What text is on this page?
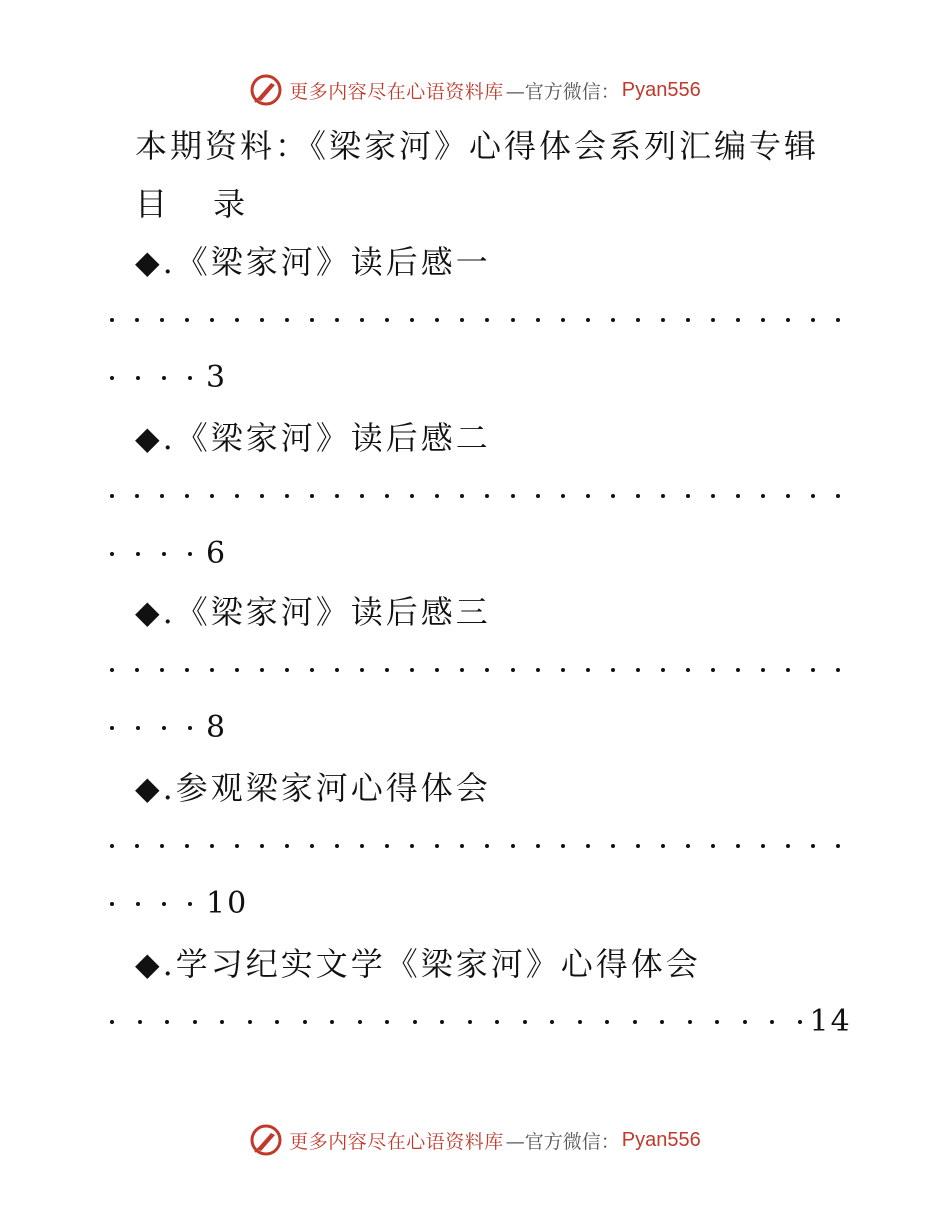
更多内容尽在心语资料库 —官方微信： Pyan556
本期资料：《梁家河》心得体会系列汇编专辑
目 录
◆.《梁家河》读后感一
3
◆.《梁家河》读后感二
6
◆.《梁家河》读后感三
8
◆.参观梁家河心得体会
10
◆.学习纪实文学《梁家河》心得体会
14
更多内容尽在心语资料库 —官方微信： Pyan556
